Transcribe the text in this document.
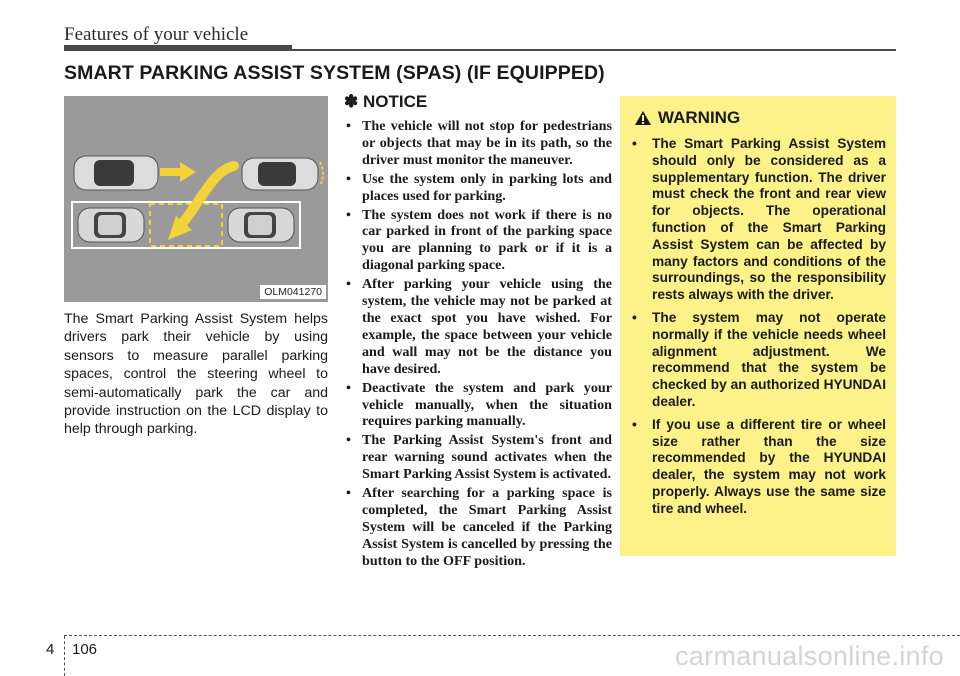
Features of your vehicle
SMART PARKING ASSIST SYSTEM (SPAS) (IF EQUIPPED)
OLM041270

The Smart Parking Assist System helps drivers park their vehicle by using sensors to measure parallel parking spaces, control the steering wheel to semi-automatically park the car and provide instruction on the LCD display to help through parking.

✽ NOTICE
• The vehicle will not stop for pedestrians or objects that may be in its path, so the driver must monitor the maneuver.
• Use the system only in parking lots and places used for parking.
• The system does not work if there is no car parked in front of the parking space you are planning to park or if it is a diagonal parking space.
• After parking your vehicle using the system, the vehicle may not be parked at the exact spot you have wished. For example, the space between your vehicle and wall may not be the distance you have desired.
• Deactivate the system and park your vehicle manually, when the situation requires parking manually.
• The Parking Assist System's front and rear warning sound activates when the Smart Parking Assist System is activated.
• After searching for a parking space is completed, the Smart Parking Assist System will be canceled if the Parking Assist System is cancelled by pressing the button to the OFF position.
WARNING
• The Smart Parking Assist System should only be considered as a supplementary function. The driver must check the front and rear view for objects. The operational function of the Smart Parking Assist System can be affected by many factors and conditions of the surroundings, so the responsibility rests always with the driver.
• The system may not operate normally if the vehicle needs wheel alignment adjustment. We recommend that the system be checked by an authorized HYUNDAI dealer.
• If you use a different tire or wheel size rather than the size recommended by the HYUNDAI dealer, the system may not work properly. Always use the same size tire and wheel.
4 106	carmanualsonline.info
